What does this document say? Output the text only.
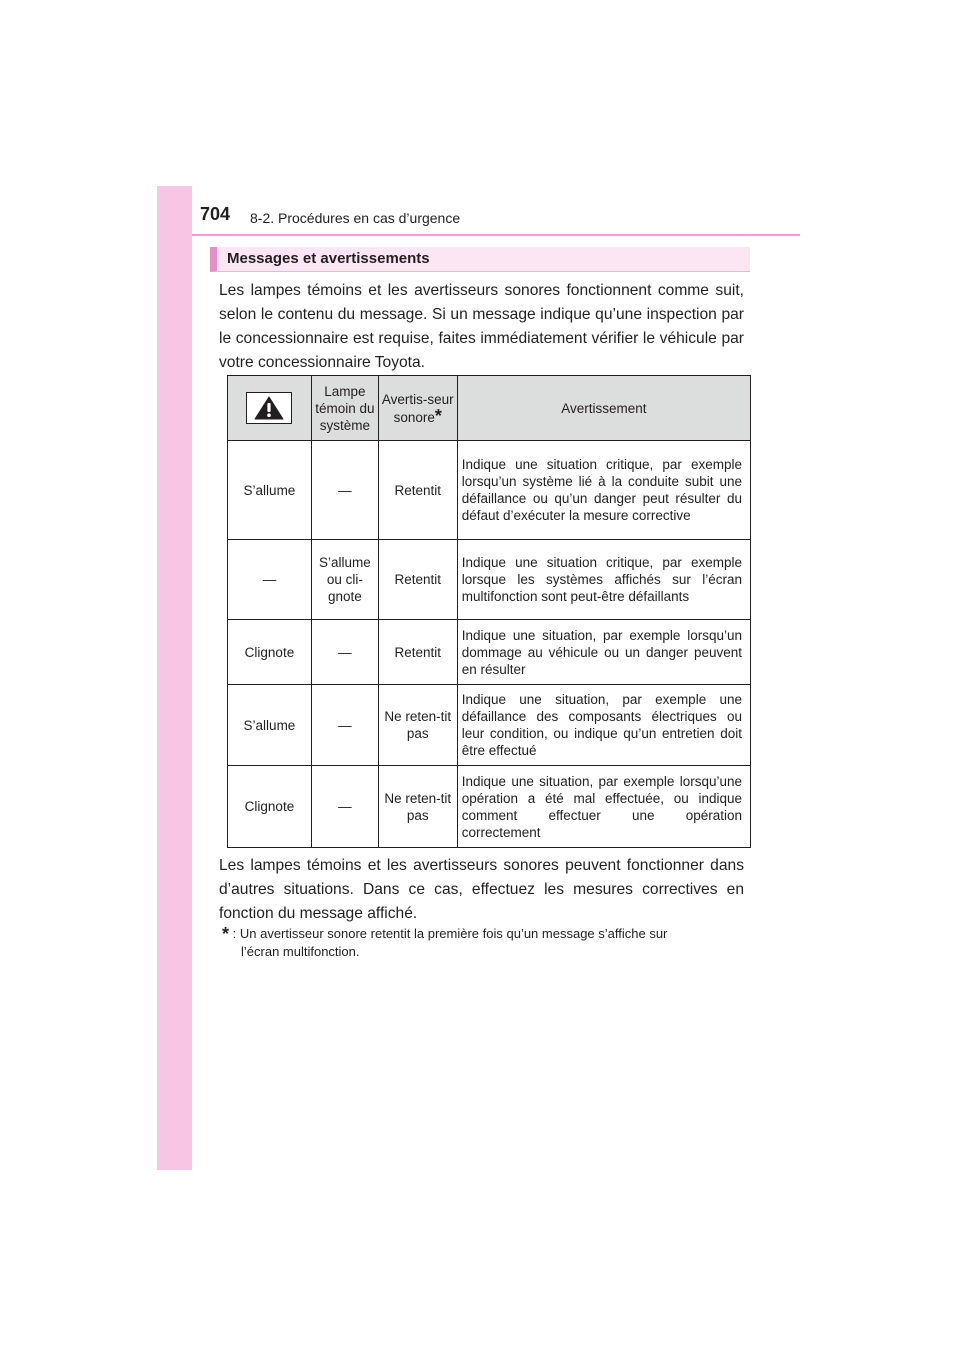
704 8-2. Procédures en cas d’urgence
Messages et avertissements
Les lampes témoins et les avertisseurs sonores fonctionnent comme suit, selon le contenu du message. Si un message indique qu’une inspection par le concessionnaire est requise, faites immédiatement vérifier le véhicule par votre concessionnaire Toyota.
	Lampe témoin du système	Avertis-seur sonore*	Avertissement
S’allume	—	Retentit	Indique une situation critique, par exemple lorsqu’un système lié à la conduite subit une défaillance ou qu’un danger peut résulter du défaut d’exécuter la mesure corrective
—	S’allume ou cli-gnote	Retentit	Indique une situation critique, par exemple lorsque les systèmes affichés sur l’écran multifonction sont peut-être défaillants
Clignote	—	Retentit	Indique une situation, par exemple lorsqu’un dommage au véhicule ou un danger peuvent en résulter
S’allume	—	Ne reten-tit pas	Indique une situation, par exemple une défaillance des composants électriques ou leur condition, ou indique qu’un entretien doit être effectué
Clignote	—	Ne reten-tit pas	Indique une situation, par exemple lorsqu’une opération a été mal effectuée, ou indique comment effectuer une opération correctement
Les lampes témoins et les avertisseurs sonores peuvent fonctionner dans d’autres situations. Dans ce cas, effectuez les mesures correctives en fonction du message affiché.
* : Un avertisseur sonore retentit la première fois qu’un message s’affiche sur
l’écran multifonction.
